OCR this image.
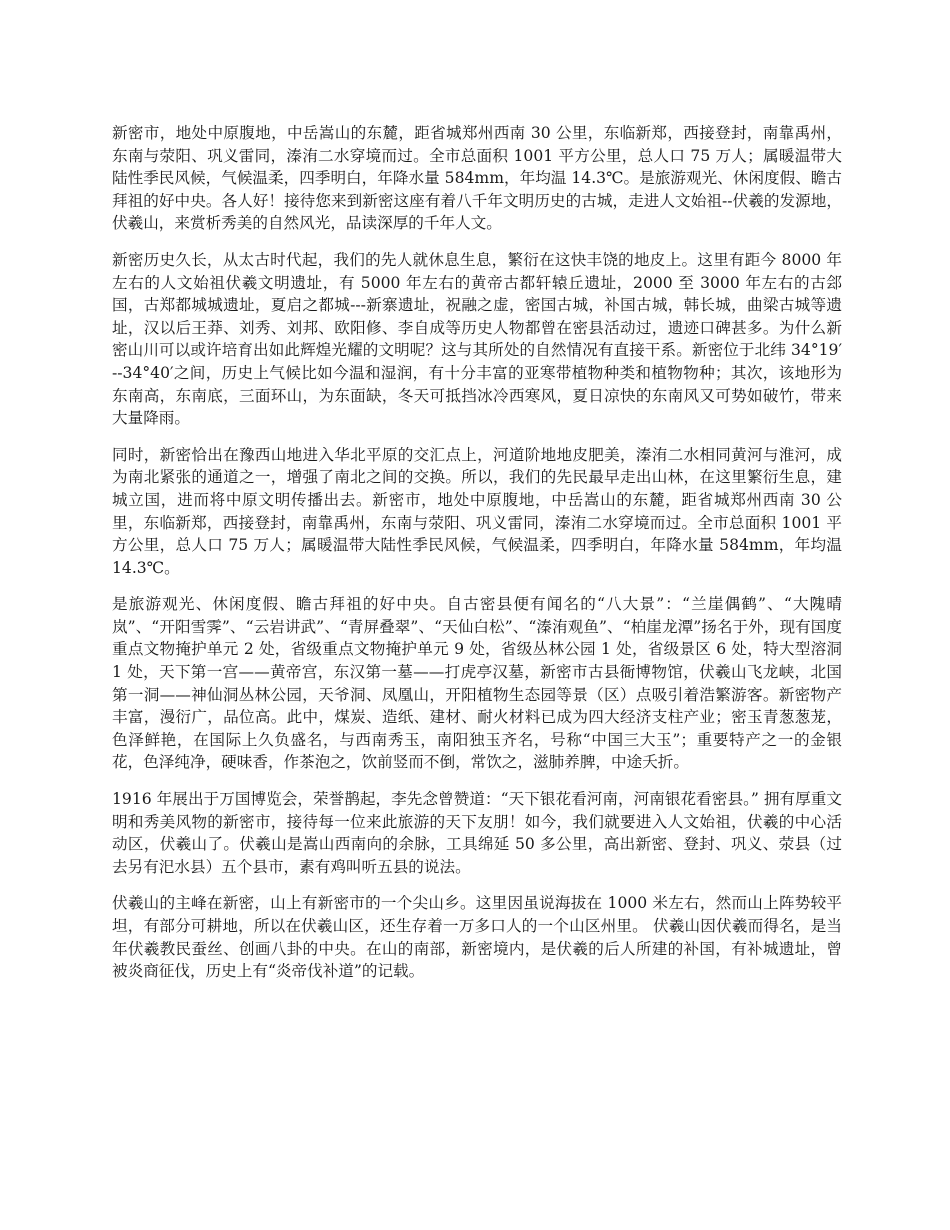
新密市，地处中原腹地，中岳嵩山的东麓，距省城郑州西南 30 公里，东临新郑，西接登封，南靠禹州，东南与荥阳、巩义雷同，溱洧二水穿境而过。全市总面积 1001 平方公里，总人口 75 万人；属暖温带大陆性季民风候，气候温柔，四季明白，年降水量 584mm，年均温 14.3℃。是旅游观光、休闲度假、瞻古拜祖的好中央。各人好！接待您来到新密这座有着八千年文明历史的古城，走进人文始祖--伏羲的发源地，伏羲山，来赏析秀美的自然风光，品读深厚的千年人文。

新密历史久长，从太古时代起，我们的先人就休息生息，繁衍在这快丰饶的地皮上。这里有距今 8000 年左右的人文始祖伏羲文明遗址，有 5000 年左右的黄帝古都轩辕丘遗址，2000 至 3000 年左右的古郐国，古郑都城城遗址，夏启之都城---新寨遗址，祝融之虚，密国古城，补国古城，韩长城，曲梁古城等遗址，汉以后王莽、刘秀、刘邦、欧阳修、李自成等历史人物都曾在密县活动过，遗迹口碑甚多。为什么新密山川可以或许培育出如此辉煌光耀的文明呢？这与其所处的自然情况有直接干系。新密位于北纬 34°19′--34°40′之间，历史上气候比如今温和湿润，有十分丰富的亚寒带植物种类和植物物种；其次，该地形为东南高，东南底，三面环山，为东面缺，冬天可抵挡冰冷西寒风，夏日凉快的东南风又可势如破竹，带来大量降雨。

同时，新密恰出在豫西山地进入华北平原的交汇点上，河道阶地地皮肥美，溱洧二水相同黄河与淮河，成为南北紧张的通道之一，增强了南北之间的交换。所以，我们的先民最早走出山林，在这里繁衍生息，建城立国，进而将中原文明传播出去。新密市，地处中原腹地，中岳嵩山的东麓，距省城郑州西南 30 公里，东临新郑，西接登封，南靠禹州，东南与荥阳、巩义雷同，溱洧二水穿境而过。全市总面积 1001 平方公里，总人口 75 万人；属暖温带大陆性季民风候，气候温柔，四季明白，年降水量 584mm，年均温 14.3℃。

是旅游观光、休闲度假、瞻古拜祖的好中央。自古密县便有闻名的“八大景”：“兰崖偶鹤”、“大隗晴岚”、“开阳雪霁”、“云岩讲武”、“青屏叠翠”、“天仙白松”、“溱洧观鱼”、“柏崖龙潭”扬名于外，现有国度重点文物掩护单元 2 处，省级重点文物掩护单元 9 处，省级丛林公园 1 处，省级景区 6 处，特大型溶洞 1 处，天下第一宫——黄帝宫，东汉第一墓——打虎亭汉墓，新密市古县衙博物馆，伏羲山飞龙峡，北国第一洞——神仙洞丛林公园，天爷洞、凤凰山，开阳植物生态园等景（区）点吸引着浩繁游客。新密物产丰富，漫衍广，品位高。此中，煤炭、造纸、建材、耐火材料已成为四大经济支柱产业；密玉青葱葱茏，色泽鲜艳，在国际上久负盛名，与西南秀玉，南阳独玉齐名，号称“中国三大玉”；重要特产之一的金银花，色泽纯净，硬味香，作茶泡之，饮前竖而不倒，常饮之，滋肺养脾，中途夭折。

1916 年展出于万国博览会，荣誉鹊起，李先念曾赞道：“天下银花看河南，河南银花看密县。” 拥有厚重文明和秀美风物的新密市，接待每一位来此旅游的天下友朋！如今，我们就要进入人文始祖，伏羲的中心活动区，伏羲山了。伏羲山是嵩山西南向的余脉，工具绵延 50 多公里，高出新密、登封、巩义、荥县（过去另有汜水县）五个县市，素有鸡叫听五县的说法。

伏羲山的主峰在新密，山上有新密市的一个尖山乡。这里因虽说海拔在 1000 米左右，然而山上阵势较平坦，有部分可耕地，所以在伏羲山区，还生存着一万多口人的一个山区州里。 伏羲山因伏羲而得名，是当年伏羲教民蚕丝、创画八卦的中央。在山的南部，新密境内，是伏羲的后人所建的补国，有补城遗址，曾被炎商征伐，历史上有“炎帝伐补道”的记载。
